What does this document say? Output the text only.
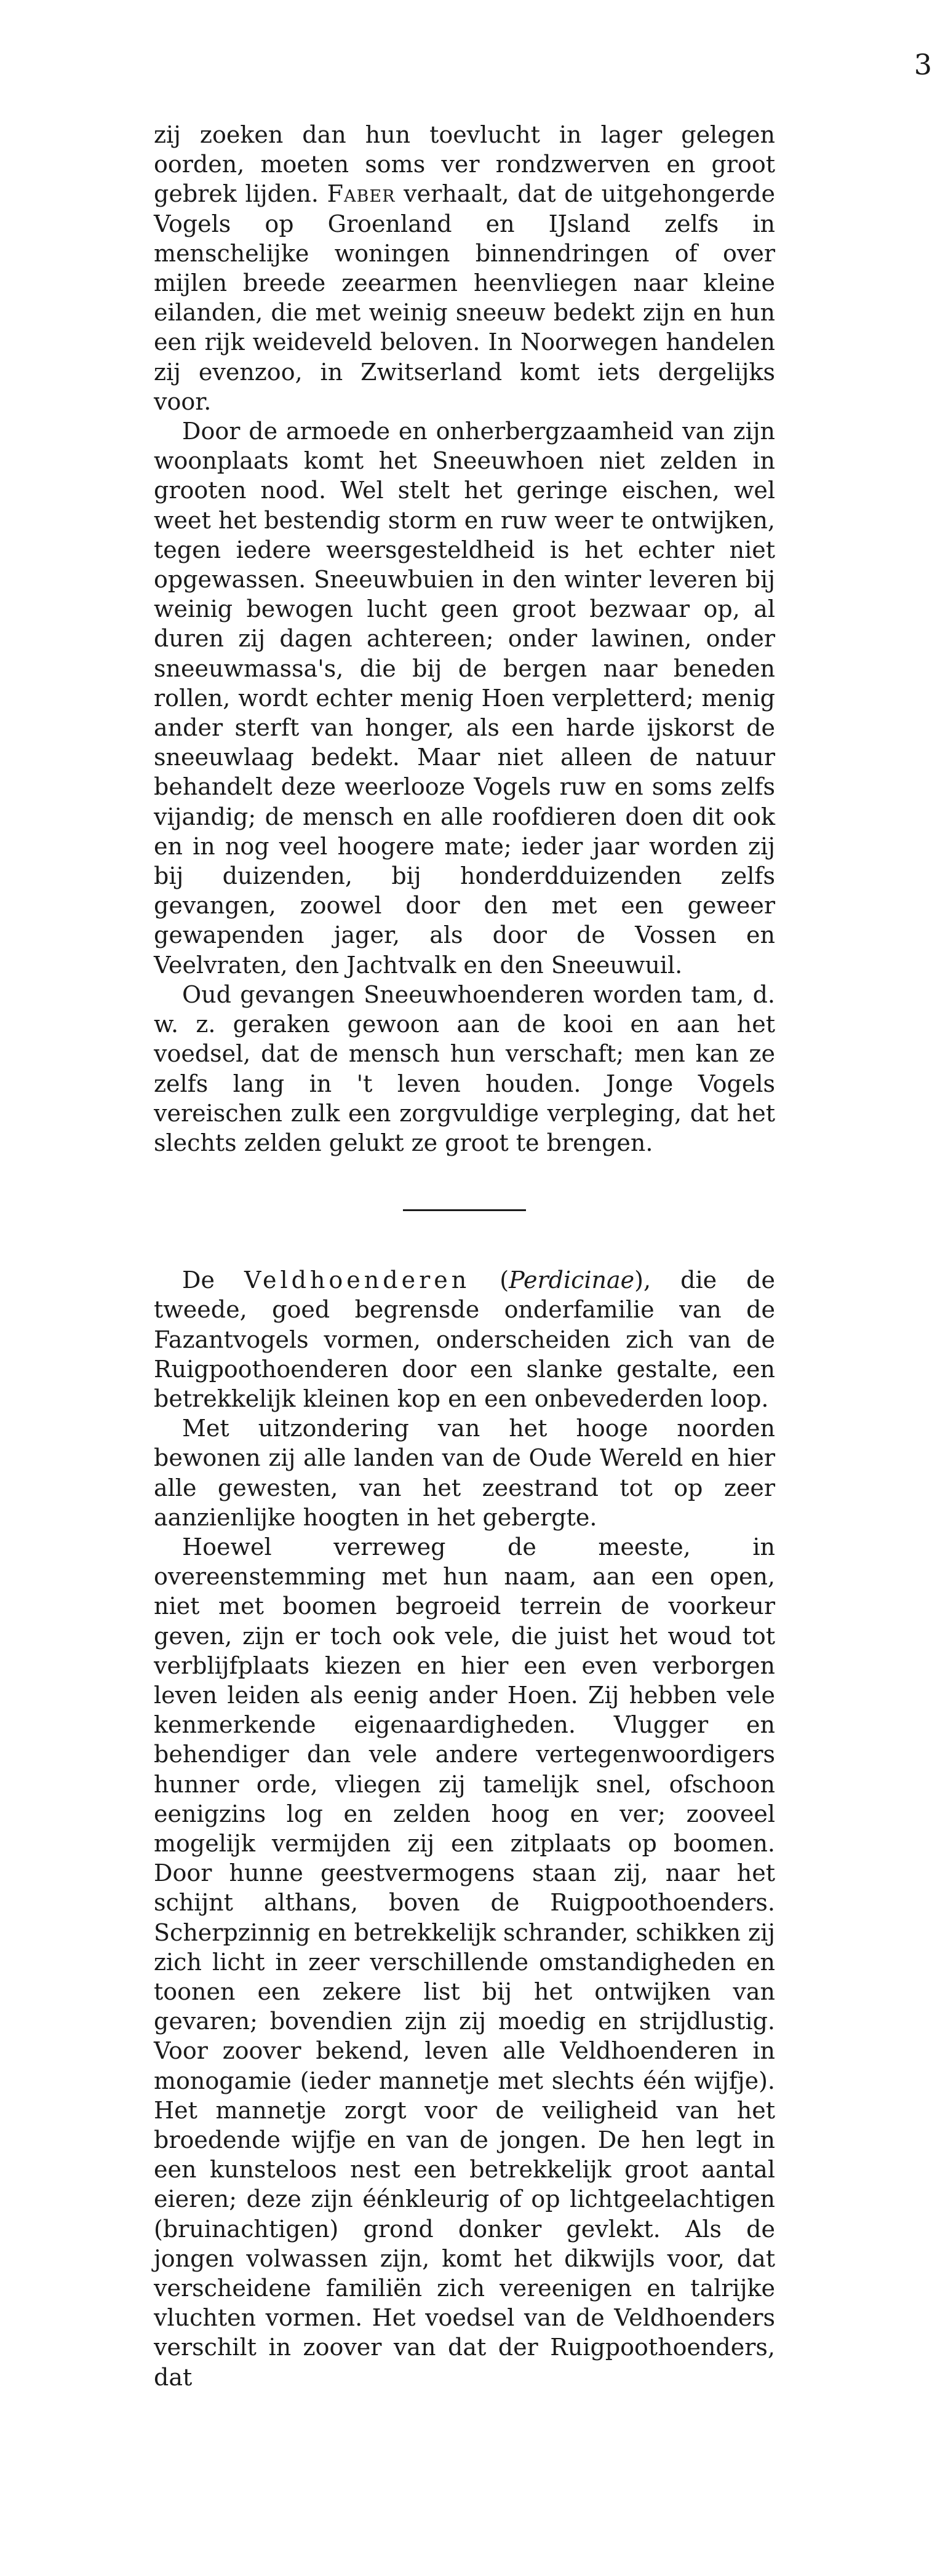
3

zij zoeken dan hun toevlucht in lager gelegen oorden, moeten soms ver rondzwerven en groot gebrek lijden. Faber verhaalt, dat de uitgehongerde Vogels op Groenland en IJsland zelfs in menschelijke woningen binnendringen of over mijlen breede zeearmen heenvliegen naar kleine eilanden, die met weinig sneeuw bedekt zijn en hun een rijk weideveld beloven. In Noorwegen handelen zij evenzoo, in Zwitserland komt iets dergelijks voor.

Door de armoede en onherbergzaamheid van zijn woonplaats komt het Sneeuwhoen niet zelden in grooten nood. Wel stelt het geringe eischen, wel weet het bestendig storm en ruw weer te ontwijken, tegen iedere weersgesteldheid is het echter niet opgewassen. Sneeuwbuien in den winter leveren bij weinig bewogen lucht geen groot bezwaar op, al duren zij dagen achtereen; onder lawinen, onder sneeuwmassa's, die bij de bergen naar beneden rollen, wordt echter menig Hoen verpletterd; menig ander sterft van honger, als een harde ijskorst de sneeuwlaag bedekt. Maar niet alleen de natuur behandelt deze weerlooze Vogels ruw en soms zelfs vijandig; de mensch en alle roofdieren doen dit ook en in nog veel hoogere mate; ieder jaar worden zij bij duizenden, bij honderdduizenden zelfs gevangen, zoowel door den met een geweer gewapenden jager, als door de Vossen en Veelvraten, den Jachtvalk en den Sneeuwuil.

Oud gevangen Sneeuwhoenderen worden tam, d. w. z. geraken gewoon aan de kooi en aan het voedsel, dat de mensch hun verschaft; men kan ze zelfs lang in 't leven houden. Jonge Vogels vereischen zulk een zorgvuldige verpleging, dat het slechts zelden gelukt ze groot te brengen.

De Veldhoenderen (Perdicinae), die de tweede, goed begrensde onderfamilie van de Fazantvogels vormen, onderscheiden zich van de Ruigpoothoenderen door een slanke gestalte, een betrekkelijk kleinen kop en een onbevederden loop.

Met uitzondering van het hooge noorden bewonen zij alle landen van de Oude Wereld en hier alle gewesten, van het zeestrand tot op zeer aanzienlijke hoogten in het gebergte.

Hoewel verreweg de meeste, in overeenstemming met hun naam, aan een open, niet met boomen begroeid terrein de voorkeur geven, zijn er toch ook vele, die juist het woud tot verblijfplaats kiezen en hier een even verborgen leven leiden als eenig ander Hoen. Zij hebben vele kenmerkende eigenaardigheden. Vlugger en behendiger dan vele andere vertegenwoordigers hunner orde, vliegen zij tamelijk snel, ofschoon eenigzins log en zelden hoog en ver; zooveel mogelijk vermijden zij een zitplaats op boomen. Door hunne geestvermogens staan zij, naar het schijnt althans, boven de Ruigpoothoenders. Scherpzinnig en betrekkelijk schrander, schikken zij zich licht in zeer verschillende omstandigheden en toonen een zekere list bij het ontwijken van gevaren; bovendien zijn zij moedig en strijdlustig. Voor zoover bekend, leven alle Veldhoenderen in monogamie (ieder mannetje met slechts één wijfje). Het mannetje zorgt voor de veiligheid van het broedende wijfje en van de jongen. De hen legt in een kunsteloos nest een betrekkelijk groot aantal eieren; deze zijn éénkleurig of op lichtgeelachtigen (bruinachtigen) grond donker gevlekt. Als de jongen volwassen zijn, komt het dikwijls voor, dat verscheidene familiën zich vereenigen en talrijke vluchten vormen. Het voedsel van de Veldhoenders verschilt in zoover van dat der Ruigpoothoenders, dat
